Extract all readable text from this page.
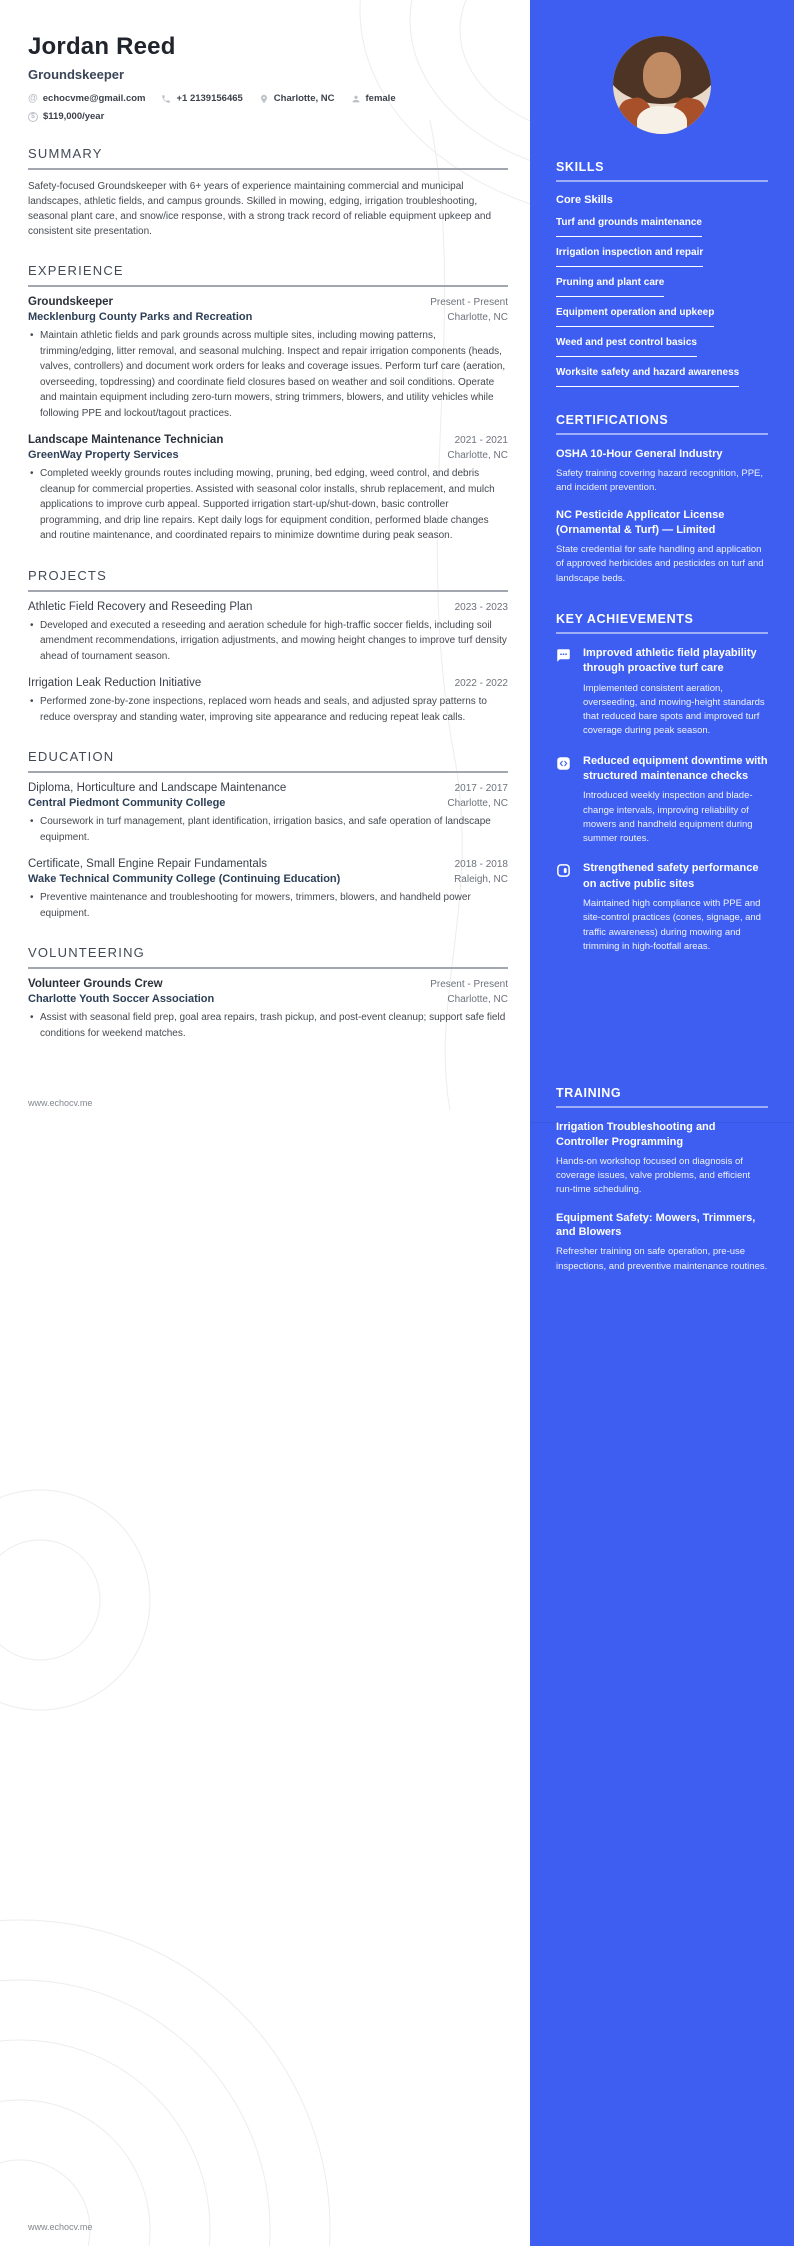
Jordan Reed
Groundskeeper
@ echocvme@gmail.com	+1 2139156465	Charlotte, NC	female
$ $119,000/year
SUMMARY

Safety-focused Groundskeeper with 6+ years of experience maintaining commercial and municipal landscapes, athletic fields, and campus grounds. Skilled in mowing, edging, irrigation troubleshooting, seasonal plant care, and snow/ice response, with a strong track record of reliable equipment upkeep and consistent site presentation.

EXPERIENCE
Groundskeeper	Present - Present
Mecklenburg County Parks and Recreation	Charlotte, NC
• Maintain athletic fields and park grounds across multiple sites, including mowing patterns, trimming/edging, litter removal, and seasonal mulching. Inspect and repair irrigation components (heads, valves, controllers) and document work orders for leaks and coverage issues. Perform turf care (aeration, overseeding, topdressing) and coordinate field closures based on weather and soil conditions. Operate and maintain equipment including zero-turn mowers, string trimmers, blowers, and utility vehicles while following PPE and lockout/tagout practices.
Landscape Maintenance Technician	2021 - 2021
GreenWay Property Services	Charlotte, NC
• Completed weekly grounds routes including mowing, pruning, bed edging, weed control, and debris cleanup for commercial properties. Assisted with seasonal color installs, shrub replacement, and mulch applications to improve curb appeal. Supported irrigation start-up/shut-down, basic controller programming, and drip line repairs. Kept daily logs for equipment condition, performed blade changes and routine maintenance, and coordinated repairs to minimize downtime during peak season.
PROJECTS
Athletic Field Recovery and Reseeding Plan	2023 - 2023
• Developed and executed a reseeding and aeration schedule for high-traffic soccer fields, including soil amendment recommendations, irrigation adjustments, and mowing height changes to improve turf density ahead of tournament season.
Irrigation Leak Reduction Initiative	2022 - 2022
• Performed zone-by-zone inspections, replaced worn heads and seals, and adjusted spray patterns to reduce overspray and standing water, improving site appearance and reducing repeat leak calls.
EDUCATION
Diploma, Horticulture and Landscape Maintenance	2017 - 2017
Central Piedmont Community College	Charlotte, NC
• Coursework in turf management, plant identification, irrigation basics, and safe operation of landscape equipment.
Certificate, Small Engine Repair Fundamentals	2018 - 2018
Wake Technical Community College (Continuing Education)	Raleigh, NC
• Preventive maintenance and troubleshooting for mowers, trimmers, blowers, and handheld power equipment.
VOLUNTEERING
Volunteer Grounds Crew	Present - Present
Charlotte Youth Soccer Association	Charlotte, NC
• Assist with seasonal field prep, goal area repairs, trash pickup, and post-event cleanup; support safe field conditions for weekend matches.
SKILLS
Core Skills
Turf and grounds maintenance
Irrigation inspection and repair
Pruning and plant care
Equipment operation and upkeep
Weed and pest control basics
Worksite safety and hazard awareness
CERTIFICATIONS
OSHA 10-Hour General Industry
Safety training covering hazard recognition, PPE, and incident prevention.
NC Pesticide Applicator License (Ornamental & Turf) — Limited
State credential for safe handling and application of approved herbicides and pesticides on turf and landscape beds.
KEY ACHIEVEMENTS
Improved athletic field playability through proactive turf care
Implemented consistent aeration, overseeding, and mowing-height standards that reduced bare spots and improved turf coverage during peak season.
Reduced equipment downtime with structured maintenance checks
Introduced weekly inspection and blade-change intervals, improving reliability of mowers and handheld equipment during summer routes.
Strengthened safety performance on active public sites
Maintained high compliance with PPE and site-control practices (cones, signage, and traffic awareness) during mowing and trimming in high-footfall areas.
TRAINING
Irrigation Troubleshooting and Controller Programming
Hands-on workshop focused on diagnosis of coverage issues, valve problems, and efficient run-time scheduling.
Equipment Safety: Mowers, Trimmers, and Blowers
Refresher training on safe operation, pre-use inspections, and preventive maintenance routines.
www.echocv.me
www.echocv.me
